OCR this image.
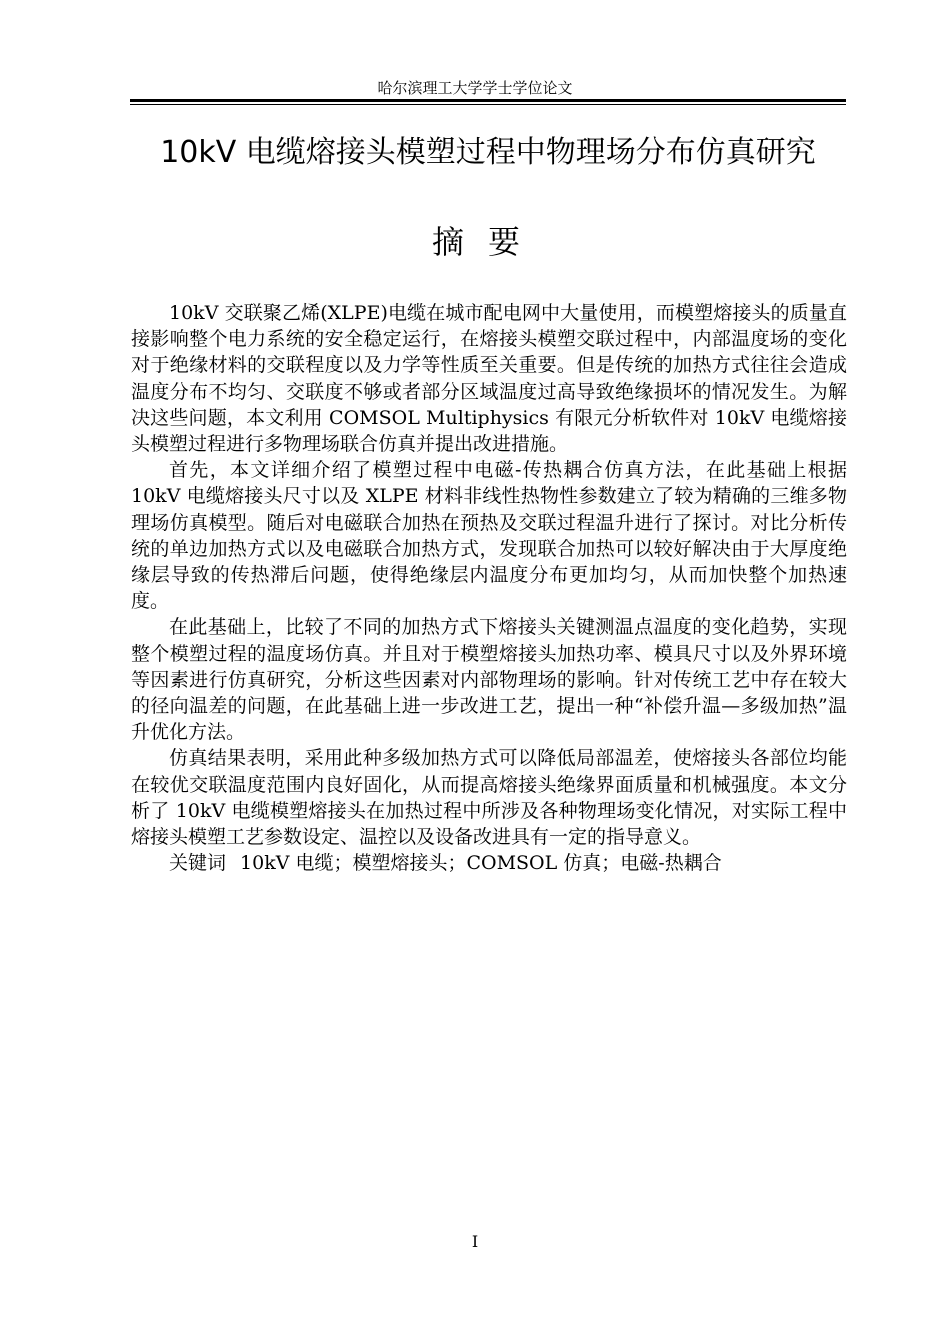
哈尔滨理工大学学士学位论文
10kV 电缆熔接头模塑过程中物理场分布仿真研究
摘要

10kV 交联聚乙烯(XLPE)电缆在城市配电网中大量使用，而模塑熔接头的质量直接影响整个电力系统的安全稳定运行，在熔接头模塑交联过程中，内部温度场的变化对于绝缘材料的交联程度以及力学等性质至关重要。但是传统的加热方式往往会造成温度分布不均匀、交联度不够或者部分区域温度过高导致绝缘损坏的情况发生。为解决这些问题，本文利用 COMSOL Multiphysics 有限元分析软件对 10kV 电缆熔接头模塑过程进行多物理场联合仿真并提出改进措施。

首先，本文详细介绍了模塑过程中电磁-传热耦合仿真方法，在此基础上根据 10kV 电缆熔接头尺寸以及 XLPE 材料非线性热物性参数建立了较为精确的三维多物理场仿真模型。随后对电磁联合加热在预热及交联过程温升进行了探讨。对比分析传统的单边加热方式以及电磁联合加热方式，发现联合加热可以较好解决由于大厚度绝缘层导致的传热滞后问题，使得绝缘层内温度分布更加均匀，从而加快整个加热速度。

在此基础上，比较了不同的加热方式下熔接头关键测温点温度的变化趋势，实现整个模塑过程的温度场仿真。并且对于模塑熔接头加热功率、模具尺寸以及外界环境等因素进行仿真研究，分析这些因素对内部物理场的影响。针对传统工艺中存在较大的径向温差的问题，在此基础上进一步改进工艺，提出一种“补偿升温—多级加热”温升优化方法。

仿真结果表明，采用此种多级加热方式可以降低局部温差，使熔接头各部位均能在较优交联温度范围内良好固化，从而提高熔接头绝缘界面质量和机械强度。本文分析了 10kV 电缆模塑熔接头在加热过程中所涉及各种物理场变化情况，对实际工程中熔接头模塑工艺参数设定、温控以及设备改进具有一定的指导意义。

关键词 10kV 电缆；模塑熔接头；COMSOL 仿真；电磁-热耦合

I
